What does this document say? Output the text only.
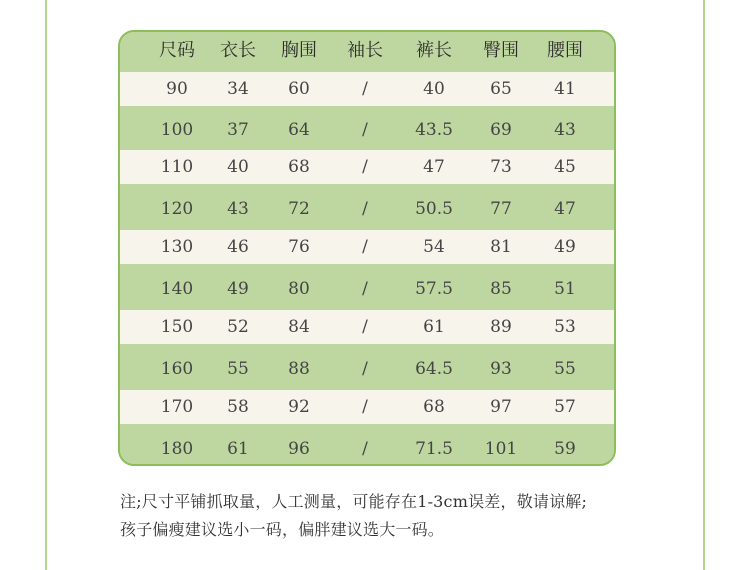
尺码 衣长 胸围 袖长 裤长 臀围 腰围
90 34 60	/	40	65 41
100 37 64	/	43.5 69 43
110 40 68	/	47	73 45
120 43 72	/	50.5 77 47
130 46 76	/	54	81 49
140 49 80	/	57.5 85 51
150 52 84	/	61	89 53
160 55 88	/	64.5 93 55
170 58 92	/	68	97 57
180 61 96	/	71.5 101 59
注;尺寸平铺抓取量，人工测量，可能存在1-3cm误差，敬请谅解;
孩子偏瘦建议选小一码，偏胖建议选大一码。
